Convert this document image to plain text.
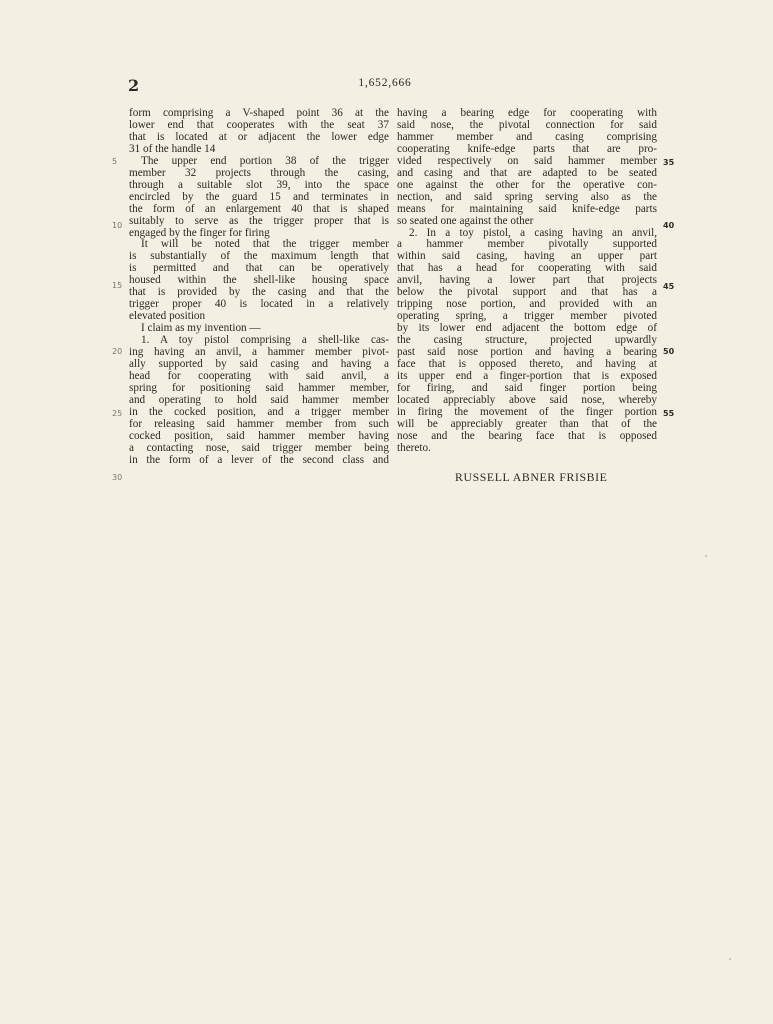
2	1,652,666
form comprising a V-shaped point 36 at the
lower end that cooperates with the seat 37
that is located at or adjacent the lower edge
31 of the handle 14
The upper end portion 38 of the trigger
member 32 projects through the casing,
through a suitable slot 39, into the space
encircled by the guard 15 and terminates in
the form of an enlargement 40 that is shaped
suitably to serve as the trigger proper that is
engaged by the finger for firing
It will be noted that the trigger member
is substantially of the maximum length that
is permitted and that can be operatively
housed within the shell-like housing space
that is provided by the casing and that the
trigger proper 40 is located in a relatively
elevated position
I claim as my invention —
1. A toy pistol comprising a shell-like cas-
ing having an anvil, a hammer member pivot-
ally supported by said casing and having a
head for cooperating with said anvil, a
spring for positioning said hammer member,
and operating to hold said hammer member
in the cocked position, and a trigger member
for releasing said hammer member from such
cocked position, said hammer member having
a contacting nose, said trigger member being
in the form of a lever of the second class and
having a bearing edge for cooperating with
said nose, the pivotal connection for said
hammer member and casing comprising
cooperating knife-edge parts that are pro-
vided respectively on said hammer member
and casing and that are adapted to be seated
one against the other for the operative con-
nection, and said spring serving also as the
means for maintaining said knife-edge parts
so seated one against the other
2. In a toy pistol, a casing having an anvil,
a hammer member pivotally supported
within said casing, having an upper part
that has a head for cooperating with said
anvil, having a lower part that projects
below the pivotal support and that has a
tripping nose portion, and provided with an
operating spring, a trigger member pivoted
by its lower end adjacent the bottom edge of
the casing structure, projected upwardly
past said nose portion and having a bearing
face that is opposed thereto, and having at
its upper end a finger-portion that is exposed
for firing, and said finger portion being
located appreciably above said nose, whereby
in firing the movement of the finger portion
will be appreciably greater than that of the
nose and the bearing face that is opposed
thereto.
RUSSELL ABNER FRISBIE
5
10
15
20
25
30
35
40
45
50
55
